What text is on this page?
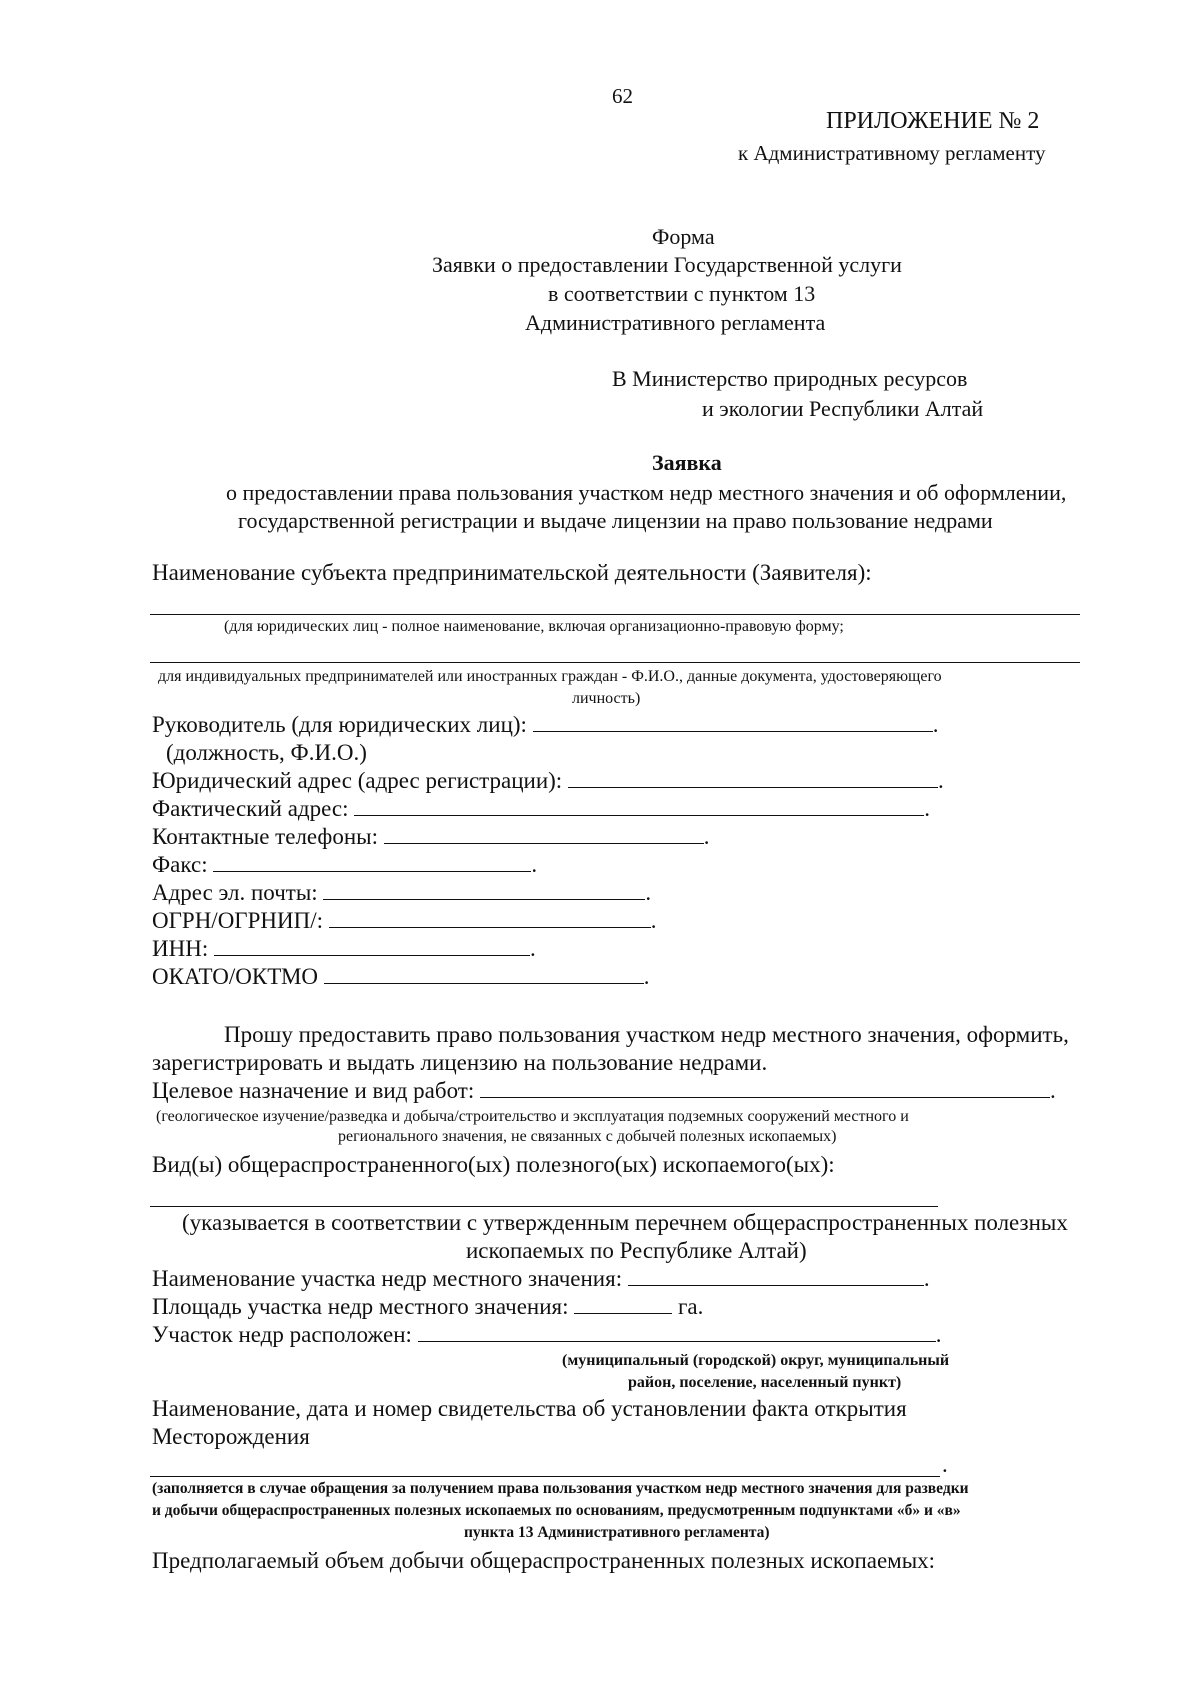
62
ПРИЛОЖЕНИЕ № 2
к Административному регламенту
Форма
Заявки о предоставлении Государственной услуги
в соответствии с пунктом 13
Административного регламента
В Министерство природных ресурсов
и экологии Республики Алтай
Заявка
о предоставлении права пользования участком недр местного значения и об оформлении,
государственной регистрации и выдаче лицензии на право пользование недрами
Наименование субъекта предпринимательской деятельности (Заявителя):
(для юридических лиц - полное наименование, включая организационно-правовую форму;
для индивидуальных предпринимателей или иностранных граждан - Ф.И.О., данные документа, удостоверяющего
личность)
Руководитель (для юридических лиц):	.
(должность, Ф.И.О.)
Юридический адрес (адрес регистрации):	.
Фактический адрес:	.
Контактные телефоны:	.
Факс:	.
Адрес эл. почты:	.
ОГРН/ОГРНИП/:	.
ИНН:	.
ОКАТО/ОКТМО	.
Прошу предоставить право пользования участком недр местного значения, оформить,
зарегистрировать и выдать лицензию на пользование недрами.
Целевое назначение и вид работ:	.
(геологическое изучение/разведка и добыча/строительство и эксплуатация подземных сооружений местного и
регионального значения, не связанных с добычей полезных ископаемых)
Вид(ы) общераспространенного(ых) полезного(ых) ископаемого(ых):
(указывается в соответствии с утвержденным перечнем общераспространенных полезных
ископаемых по Республике Алтай)
Наименование участка недр местного значения:	.
Площадь участка недр местного значения:	га.
Участок недр расположен:	.
(муниципальный (городской) округ, муниципальный
район, поселение, населенный пункт)
Наименование, дата и номер свидетельства об установлении факта открытия
Месторождения
.
(заполняется в случае обращения за получением права пользования участком недр местного значения для разведки
и добычи общераспространенных полезных ископаемых по основаниям, предусмотренным подпунктами «б» и «в»
пункта 13 Административного регламента)
Предполагаемый объем добычи общераспространенных полезных ископаемых:
